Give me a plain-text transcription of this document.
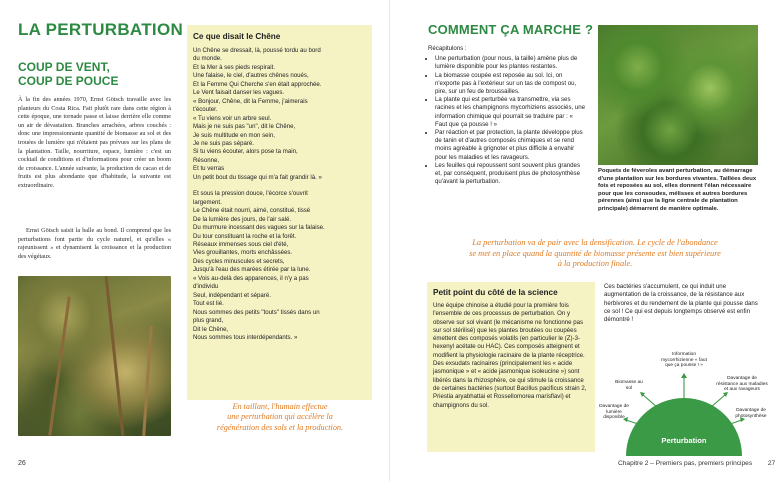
LA PERTURBATION
COUP DE VENT,
COUP DE POUCE
À la fin des années 1970, Ernst Götsch travaille avec les planteurs du Costa Rica. Fait plutôt rare dans cette région à cette époque, une tornade passe et laisse derrière elle comme un air de dévastation. Branches arrachées, arbres couchés : donc une impressionnante quantité de biomasse au sol et des trouées de lumière qui n'étaient pas prévues sur les plans de la plantation. Taille, nourriture, espace, lumière : c'est un cocktail de conditions et d'informations pour créer un boom de croissance. L'année suivante, la production de cacao et de fruits est plus abondante que d'habitude, la suivante est extraordinaire.
Ernst Götsch saisit la balle au bond. Il comprend que les perturbations font partie du cycle naturel, et qu'elles « rajeunissent » et dynamisent la croissance et la production des végétaux.
Ce que disait le Chêne
Un Chêne se dressait, là, poussé tordu au bord
du monde.
Et la Mer à ses pieds respirait.
Une falaise, le ciel, d'autres chênes noués,
Et la Femme Qui Cherche s'en était approchée.
Le Vent faisait danser les vagues.
« Bonjour, Chêne, dit la Femme, j'aimerais
t'écouter.
« Tu viens voir un arbre seul.
Mais je ne suis pas "un", dit le Chêne,
Je suis multitude en mon sein,
Je ne suis pas séparé.
Si tu viens écouter, alors pose ta main,
Résonne,
Et tu verras
Un petit bout du tissage qui m'a fait grandir là. »
Et sous la pression douce, l'écorce s'ouvrit
largement.
Le Chêne était nourri, aimé, constitué, tissé
De la lumière des jours, de l'air salé.
Du murmure incessant des vagues sur la falaise.
Du tour constituant la roche et la forêt.
Réseaux immenses sous ciel d'été,
Vies grouillantes, morts enchâssées.
Des cycles minuscules et secrets,
Jusqu'à l'eau des marées étirée par la lune.
« Vois au-delà des apparences, il n'y a pas
d'individu
Seul, indépendant et séparé.
Tout est lié.
Nous sommes des petits "touts" tissés dans un
plus grand,
Dit le Chêne,
Nous sommes tous interdépendants. »
En taillant, l'humain effectue
une perturbation qui accélère la
régénération des sols et la production.
26
COMMENT ÇA MARCHE ?
Récapitulons :
• Une perturbation (pour nous, la taille) amène plus de lumière disponible pour les plantes restantes.
• La biomasse coupée est reposée au sol. Ici, on n'exporte pas à l'extérieur sur un tas de compost ou, pire, sur un feu de broussailles.
• La plante qui est perturbée va transmettre, via ses racines et les champignons mycorhiziens associés, une information chimique qui pourrait se traduire par : « Faut que ça pousse ! »
• Par réaction et par protection, la plante développe plus de tanin et d'autres composés chimiques et se rend moins agréable à grignoter et plus difficile à envahir pour les maladies et les ravageurs.
• Les feuilles qui repoussent sont souvent plus grandes et, par conséquent, produisent plus de photosynthèse qu'avant la perturbation.
Poquets de féveroles avant perturbation, au démarrage d'une plantation sur les bordures vivantes. Taillées deux fois et reposées au sol, elles donnent l'élan nécessaire pour que les consoudes, mélisses et autres bordures pérennes (ainsi que la ligne centrale de plantation principale) démarrent de manière optimale.
La perturbation va de pair avec la densification. Le cycle de l'abondance
se met en place quand la quantité de biomasse présente est bien supérieure
à la production finale.
Petit point du côté de la science
Une équipe chinoise a étudié pour la première fois l'ensemble de ces processus de perturbation. On y observe sur sol vivant (le mécanisme ne fonctionne pas sur sol stérilisé) que les plantes broutées ou coupées émettent des composés volatils (en particulier le (Z)-3-hexenyl acétate ou HAC). Ces composés atteignent et modifient la physiologie racinaire de la plante réceptrice. Des exsudats racinaires (principalement les « acide jasmonique » et « acide jasmonique isoleucine ») sont libérés dans la rhizosphère, ce qui stimule la croissance de certaines bactéries (surtout Bacillus pacificus strain 2, Priestia aryabhattai et Rossellomorea marisflavi) et champignons du sol.
Ces bactéries s'accumulent, ce qui induit une augmentation de la croissance, de la résistance aux herbivores et du rendement de la plante qui pousse dans ce sol ! Ce qui est depuis longtemps observé est enfin démontré !
Information mycorrhizienne « faut que ça pousse ! »
Biomasse au sol
Davantage de lumière disponible
Davantage de résistance aux maladies et aux ravageurs
Davantage de photosynthèse
Perturbation
Chapitre 2 – Premiers pas, premiers principes 27
